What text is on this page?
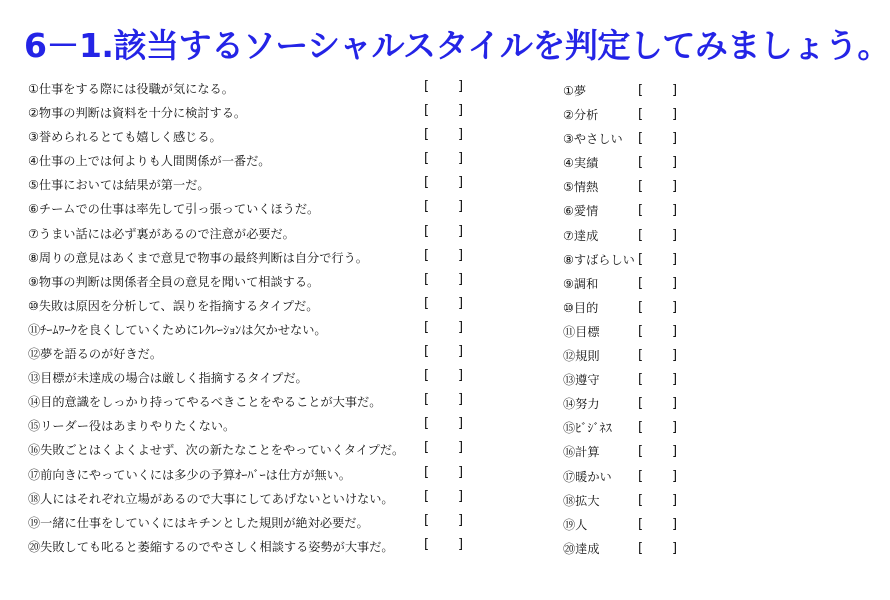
6－1.該当するソーシャルスタイルを判定してみましょう。
①仕事をする際には役職が気になる。	[ ]
②物事の判断は資料を十分に検討する。	[ ]
③誉められるとても嬉しく感じる。	[ ]
④仕事の上では何よりも人間関係が一番だ。	[ ]
⑤仕事においては結果が第一だ。	[ ]
⑥チームでの仕事は率先して引っ張っていくほうだ。	[ ]
⑦うまい話には必ず裏があるので注意が必要だ。	[ ]
⑧周りの意見はあくまで意見で物事の最終判断は自分で行う。	[ ]
⑨物事の判断は関係者全員の意見を聞いて相談する。	[ ]
⑩失敗は原因を分析して、誤りを指摘するタイプだ。	[ ]
⑪ﾁｰﾑﾜｰｸを良くしていくためにﾚｸﾚｰｼｮﾝは欠かせない。	[ ]
⑫夢を語るのが好きだ。	[ ]
⑬目標が未達成の場合は厳しく指摘するタイプだ。	[ ]
⑭目的意識をしっかり持ってやるべきことをやることが大事だ。	[ ]
⑮リーダー役はあまりやりたくない。	[ ]
⑯失敗ごとはくよくよせず、次の新たなことをやっていくタイプだ。	[ ]
⑰前向きにやっていくには多少の予算ｵｰﾊﾞｰは仕方が無い。	[ ]
⑱人にはそれぞれ立場があるので大事にしてあげないといけない。	[ ]
⑲一緒に仕事をしていくにはキチンとした規則が絶対必要だ。	[ ]
⑳失敗しても叱ると萎縮するのでやさしく相談する姿勢が大事だ。	[ ]
①夢	[ ]
②分析	[ ]
③やさしい	[ ]
④実績	[ ]
⑤情熱	[ ]
⑥愛情	[ ]
⑦達成	[ ]
⑧すばらしい [ ]
⑨調和	[ ]
⑩目的	[ ]
⑪目標	[ ]
⑫規則	[ ]
⑬遵守	[ ]
⑭努力	[ ]
⑮ﾋﾞｼﾞﾈｽ	[ ]
⑯計算	[ ]
⑰暖かい	[ ]
⑱拡大	[ ]
⑲人	[ ]
⑳達成	[ ]
